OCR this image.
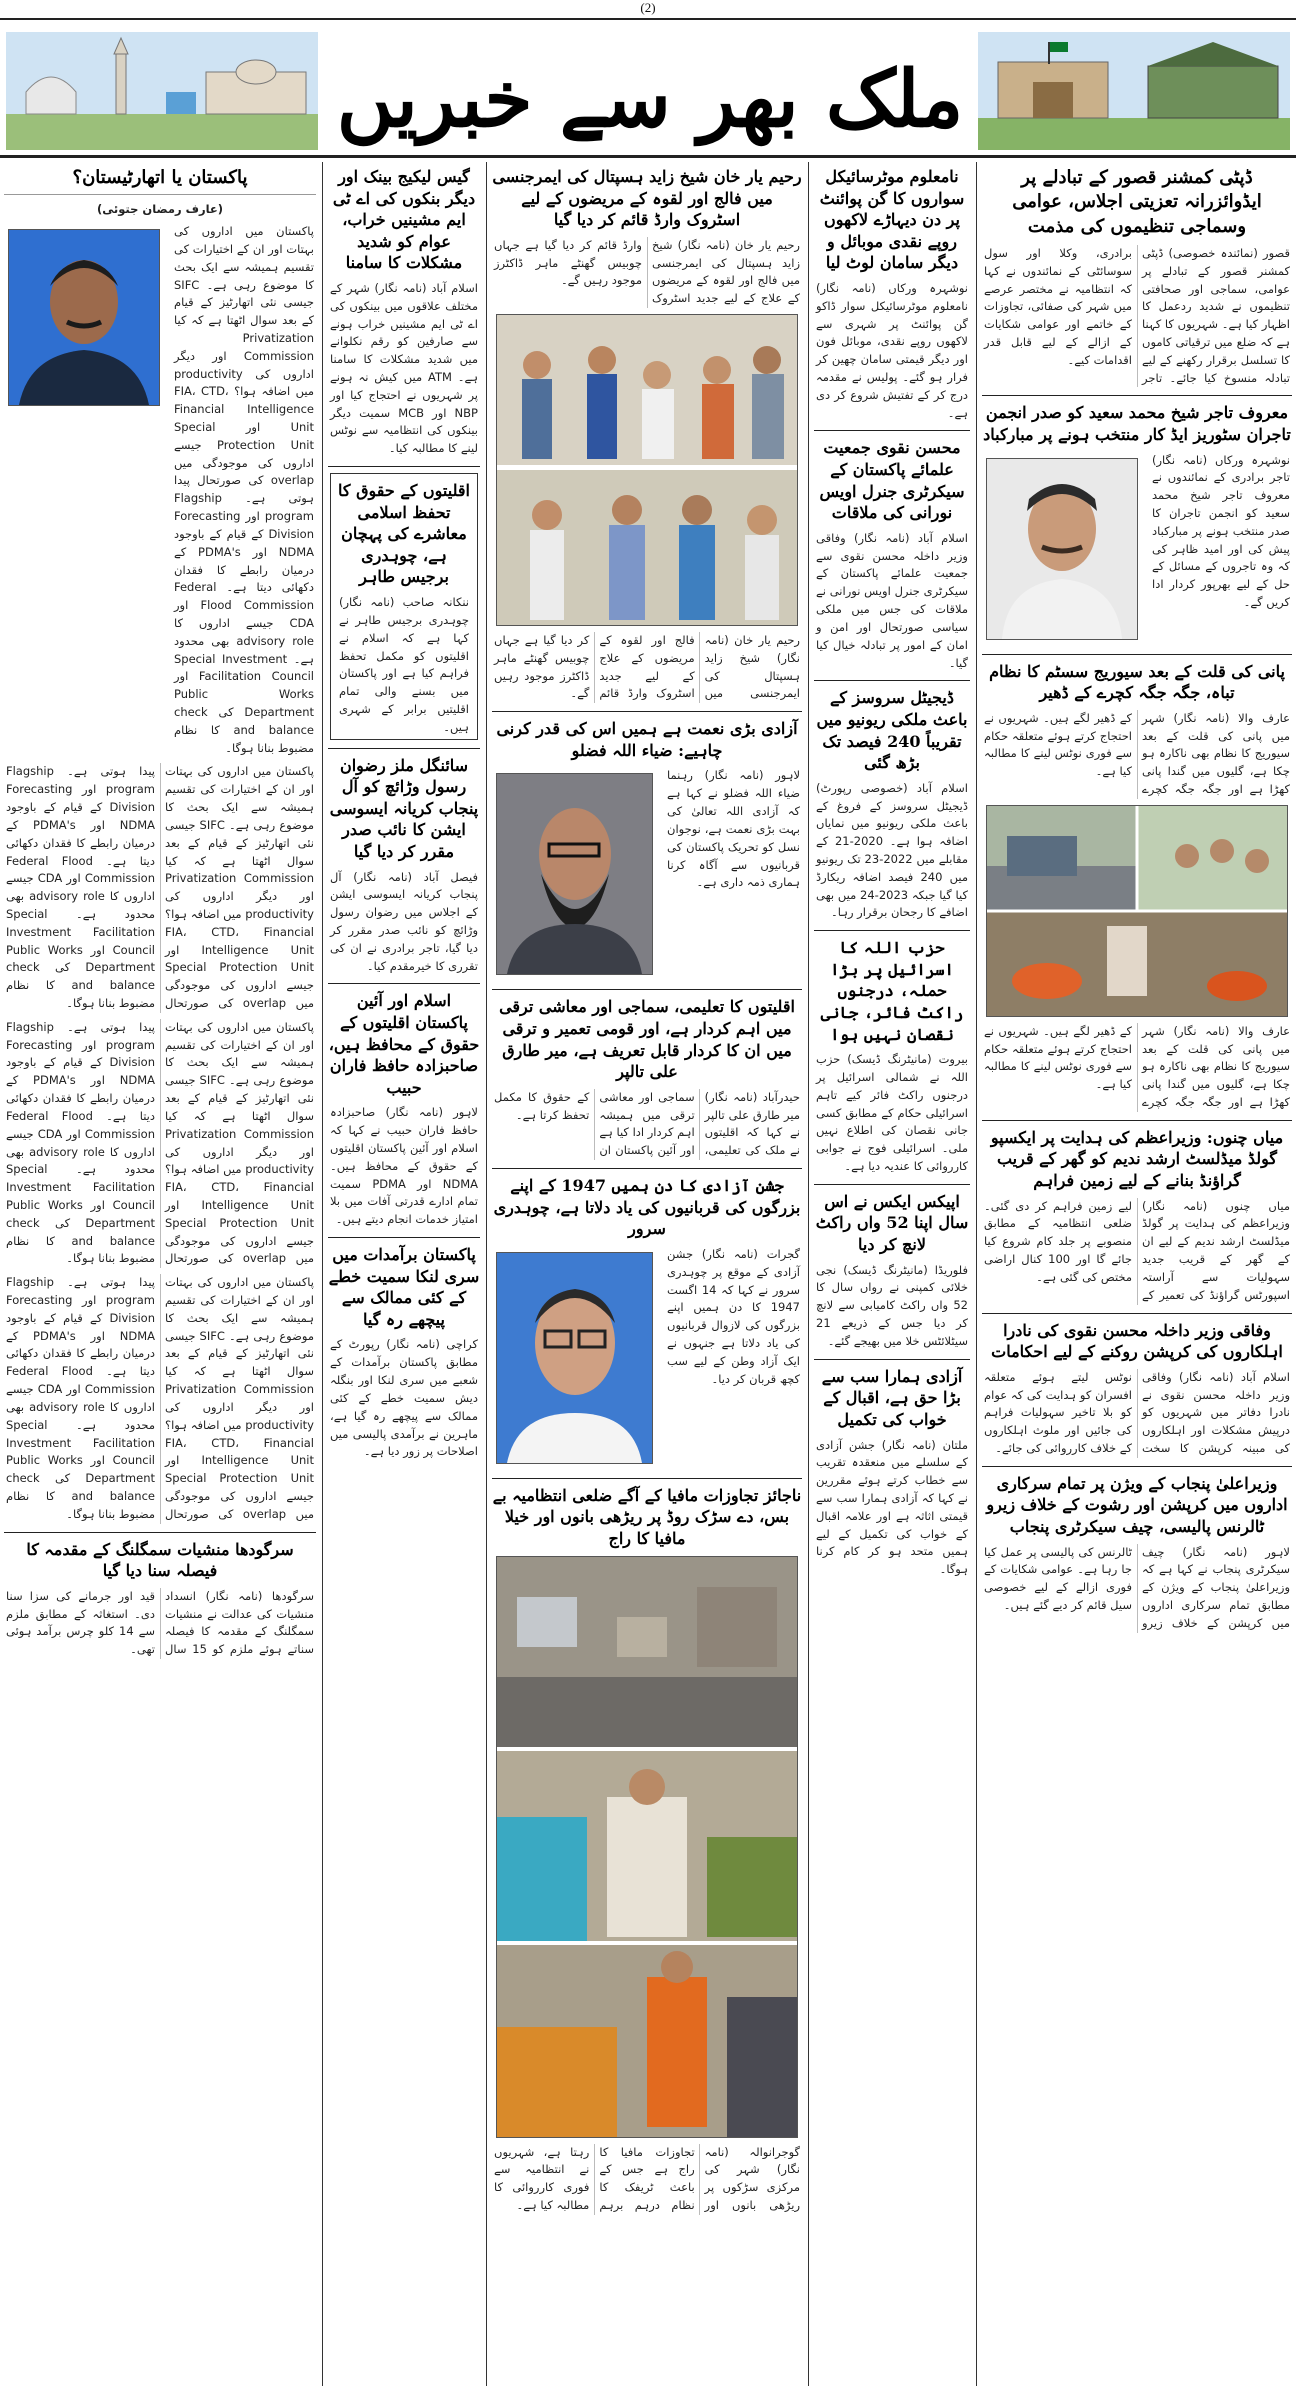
(2)
ملک بھر سے خبریں
ڈپٹی کمشنر قصور کے تبادلے پر ایڈوائزرانہ تعزیتی اجلاس، عوامی وسماجی تنظیموں کی مذمت
قصور (نمائندہ خصوصی) ڈپٹی کمشنر قصور کے تبادلے پر عوامی، سماجی اور صحافتی تنظیموں نے شدید ردعمل کا اظہار کیا ہے۔ شہریوں کا کہنا ہے کہ ضلع میں ترقیاتی کاموں کا تسلسل برقرار رکھنے کے لیے تبادلہ منسوخ کیا جائے۔ تاجر برادری، وکلا اور سول سوسائٹی کے نمائندوں نے کہا کہ انتظامیہ نے مختصر عرصے میں شہر کی صفائی، تجاوزات کے خاتمے اور عوامی شکایات کے ازالے کے لیے قابل قدر اقدامات کیے۔
معروف تاجر شیخ محمد سعید کو صدر انجمن تاجران سٹوریز ایڈ کار منتخب ہونے پر مبارکباد
نوشہرہ ورکاں (نامہ نگار) تاجر برادری کے نمائندوں نے معروف تاجر شیخ محمد سعید کو انجمن تاجران کا صدر منتخب ہونے پر مبارکباد پیش کی اور امید ظاہر کی کہ وہ تاجروں کے مسائل کے حل کے لیے بھرپور کردار ادا کریں گے۔
پانی کی قلت کے بعد سیوریج سسٹم کا نظام تباہ، جگہ جگہ کچرے کے ڈھیر
عارف والا (نامہ نگار) شہر میں پانی کی قلت کے بعد سیوریج کا نظام بھی ناکارہ ہو چکا ہے، گلیوں میں گندا پانی کھڑا ہے اور جگہ جگہ کچرے کے ڈھیر لگے ہیں۔ شہریوں نے احتجاج کرتے ہوئے متعلقہ حکام سے فوری نوٹس لینے کا مطالبہ کیا ہے۔
عارف والا (نامہ نگار) شہر میں پانی کی قلت کے بعد سیوریج کا نظام بھی ناکارہ ہو چکا ہے، گلیوں میں گندا پانی کھڑا ہے اور جگہ جگہ کچرے کے ڈھیر لگے ہیں۔ شہریوں نے احتجاج کرتے ہوئے متعلقہ حکام سے فوری نوٹس لینے کا مطالبہ کیا ہے۔
میاں چنوں: وزیراعظم کی ہدایت پر ایکسپو گولڈ میڈلسٹ ارشد ندیم کو گھر کے قریب گراؤنڈ بنانے کے لیے زمین فراہم
میاں چنوں (نامہ نگار) وزیراعظم کی ہدایت پر گولڈ میڈلسٹ ارشد ندیم کے لیے ان کے گھر کے قریب جدید سہولیات سے آراستہ اسپورٹس گراؤنڈ کی تعمیر کے لیے زمین فراہم کر دی گئی۔ ضلعی انتظامیہ کے مطابق منصوبے پر جلد کام شروع کیا جائے گا اور 100 کنال اراضی مختص کی گئی ہے۔
وفاقی وزیر داخلہ محسن نقوی کی نادرا اہلکاروں کی کرپشن روکنے کے لیے احکامات
اسلام آباد (نامہ نگار) وفاقی وزیر داخلہ محسن نقوی نے نادرا دفاتر میں شہریوں کو درپیش مشکلات اور اہلکاروں کی مبینہ کرپشن کا سخت نوٹس لیتے ہوئے متعلقہ افسران کو ہدایت کی کہ عوام کو بلا تاخیر سہولیات فراہم کی جائیں اور ملوث اہلکاروں کے خلاف کارروائی کی جائے۔
وزیراعلیٰ پنجاب کے ویژن پر تمام سرکاری اداروں میں کرپشن اور رشوت کے خلاف زیرو ٹالرنس پالیسی، چیف سیکرٹری پنجاب
لاہور (نامہ نگار) چیف سیکرٹری پنجاب نے کہا ہے کہ وزیراعلیٰ پنجاب کے ویژن کے مطابق تمام سرکاری اداروں میں کرپشن کے خلاف زیرو ٹالرنس کی پالیسی پر عمل کیا جا رہا ہے۔ عوامی شکایات کے فوری ازالے کے لیے خصوصی سیل قائم کر دیے گئے ہیں۔
نامعلوم موٹرسائیکل سواروں کا گن پوائنٹ پر دن دیہاڑے لاکھوں روپے نقدی موبائل و دیگر سامان لوٹ لیا
نوشہرہ ورکاں (نامہ نگار) نامعلوم موٹرسائیکل سوار ڈاکو گن پوائنٹ پر شہری سے لاکھوں روپے نقدی، موبائل فون اور دیگر قیمتی سامان چھین کر فرار ہو گئے۔ پولیس نے مقدمہ درج کر کے تفتیش شروع کر دی ہے۔
محسن نقوی جمعیت علمائے پاکستان کے سیکرٹری جنرل اویس نورانی کی ملاقات
اسلام آباد (نامہ نگار) وفاقی وزیر داخلہ محسن نقوی سے جمعیت علمائے پاکستان کے سیکرٹری جنرل اویس نورانی نے ملاقات کی جس میں ملکی سیاسی صورتحال اور امن و امان کے امور پر تبادلہ خیال کیا گیا۔
ڈیجیٹل سروسز کے باعث ملکی ریونیو میں تقریباً 240 فیصد تک بڑھ گئی
اسلام آباد (خصوصی رپورٹ) ڈیجیٹل سروسز کے فروغ کے باعث ملکی ریونیو میں نمایاں اضافہ ہوا ہے۔ 2020-21 کے مقابلے میں 2022-23 تک ریونیو میں 240 فیصد اضافہ ریکارڈ کیا گیا جبکہ 2023-24 میں بھی اضافے کا رجحان برقرار رہا۔
حزب اللہ کا اسرائیل پر بڑا حملہ، درجنوں راکٹ فائر، جانی نقصان نہیں ہوا
بیروت (مانیٹرنگ ڈیسک) حزب اللہ نے شمالی اسرائیل پر درجنوں راکٹ فائر کیے تاہم اسرائیلی حکام کے مطابق کسی جانی نقصان کی اطلاع نہیں ملی۔ اسرائیلی فوج نے جوابی کارروائی کا عندیہ دیا ہے۔
اپیکس ایکس نے اس سال اپنا 52 واں راکٹ لانچ کر دیا
فلوریڈا (مانیٹرنگ ڈیسک) نجی خلائی کمپنی نے رواں سال کا 52 واں راکٹ کامیابی سے لانچ کر دیا جس کے ذریعے 21 سیٹلائٹس خلا میں بھیجے گئے۔
آزادی ہمارا سب سے بڑا حق ہے، اقبال کے خواب کی تکمیل
ملتان (نامہ نگار) جشن آزادی کے سلسلے میں منعقدہ تقریب سے خطاب کرتے ہوئے مقررین نے کہا کہ آزادی ہمارا سب سے قیمتی اثاثہ ہے اور علامہ اقبال کے خواب کی تکمیل کے لیے ہمیں متحد ہو کر کام کرنا ہوگا۔
رحیم یار خان شیخ زاید ہسپتال کی ایمرجنسی میں فالج اور لقوہ کے مریضوں کے لیے اسٹروک وارڈ قائم کر دیا گیا
رحیم یار خان (نامہ نگار) شیخ زاید ہسپتال کی ایمرجنسی میں فالج اور لقوہ کے مریضوں کے علاج کے لیے جدید اسٹروک وارڈ قائم کر دیا گیا ہے جہاں چوبیس گھنٹے ماہر ڈاکٹرز موجود رہیں گے۔
رحیم یار خان (نامہ نگار) شیخ زاید ہسپتال کی ایمرجنسی میں فالج اور لقوہ کے مریضوں کے علاج کے لیے جدید اسٹروک وارڈ قائم کر دیا گیا ہے جہاں چوبیس گھنٹے ماہر ڈاکٹرز موجود رہیں گے۔
آزادی بڑی نعمت ہے ہمیں اس کی قدر کرنی چاہیے: ضیاء اللہ فضلو
لاہور (نامہ نگار) رہنما ضیاء اللہ فضلو نے کہا ہے کہ آزادی اللہ تعالیٰ کی بہت بڑی نعمت ہے، نوجوان نسل کو تحریک پاکستان کی قربانیوں سے آگاہ کرنا ہماری ذمہ داری ہے۔
اقلیتوں کا تعلیمی، سماجی اور معاشی ترقی میں اہم کردار ہے، اور قومی تعمیر و ترقی میں ان کا کردار قابل تعریف ہے، میر طارق علی تالپر
حیدرآباد (نامہ نگار) میر طارق علی تالپر نے کہا کہ اقلیتوں نے ملک کی تعلیمی، سماجی اور معاشی ترقی میں ہمیشہ اہم کردار ادا کیا ہے اور آئین پاکستان ان کے حقوق کا مکمل تحفظ کرتا ہے۔
جشن آزادی کا دن ہمیں 1947 کے اپنے بزرگوں کی قربانیوں کی یاد دلاتا ہے، چوہدری سرور
گجرات (نامہ نگار) جشن آزادی کے موقع پر چوہدری سرور نے کہا کہ 14 اگست 1947 کا دن ہمیں اپنے بزرگوں کی لازوال قربانیوں کی یاد دلاتا ہے جنہوں نے ایک آزاد وطن کے لیے سب کچھ قربان کر دیا۔
ناجائز تجاوزات مافیا کے آگے ضلعی انتظامیہ بے بس، دے سڑک روڈ پر ریڑھی بانوں اور خیلا مافیا کا راج
گوجرانوالہ (نامہ نگار) شہر کی مرکزی سڑکوں پر ریڑھی بانوں اور تجاوزات مافیا کا راج ہے جس کے باعث ٹریفک کا نظام درہم برہم رہتا ہے، شہریوں نے انتظامیہ سے فوری کارروائی کا مطالبہ کیا ہے۔
گیس لیکیج بینک اور دیگر بنکوں کی اے ٹی ایم مشینیں خراب، عوام کو شدید مشکلات کا سامنا
اسلام آباد (نامہ نگار) شہر کے مختلف علاقوں میں بینکوں کی اے ٹی ایم مشینیں خراب ہونے سے صارفین کو رقم نکلوانے میں شدید مشکلات کا سامنا ہے۔ ATM میں کیش نہ ہونے پر شہریوں نے احتجاج کیا اور NBP اور MCB سمیت دیگر بینکوں کی انتظامیہ سے نوٹس لینے کا مطالبہ کیا۔
اقلیتوں کے حقوق کا تحفظ اسلامی معاشرے کی پہچان ہے، چوہدری برجیس طاہر
ننکانہ صاحب (نامہ نگار) چوہدری برجیس طاہر نے کہا ہے کہ اسلام نے اقلیتوں کو مکمل تحفظ فراہم کیا ہے اور پاکستان میں بسنے والی تمام اقلیتیں برابر کے شہری ہیں۔
سائنگل ملز رضوان رسول وڑائچ کو آل پنجاب کریانہ ایسوسی ایشن کا نائب صدر مقرر کر دیا گیا
فیصل آباد (نامہ نگار) آل پنجاب کریانہ ایسوسی ایشن کے اجلاس میں رضوان رسول وڑائچ کو نائب صدر مقرر کر دیا گیا، تاجر برادری نے ان کی تقرری کا خیرمقدم کیا۔
اسلام اور آئین پاکستان اقلیتوں کے حقوق کے محافظ ہیں، صاحبزادہ حافظ فاران حبیب
لاہور (نامہ نگار) صاحبزادہ حافظ فاران حبیب نے کہا کہ اسلام اور آئین پاکستان اقلیتوں کے حقوق کے محافظ ہیں۔ NDMA اور PDMA سمیت تمام ادارے قدرتی آفات میں بلا امتیاز خدمات انجام دیتے ہیں۔
پاکستان برآمدات میں سری لنکا سمیت خطے کے کئی ممالک سے پیچھے رہ گیا
کراچی (نامہ نگار) رپورٹ کے مطابق پاکستان برآمدات کے شعبے میں سری لنکا اور بنگلہ دیش سمیت خطے کے کئی ممالک سے پیچھے رہ گیا ہے، ماہرین نے برآمدی پالیسی میں اصلاحات پر زور دیا ہے۔
پاکستان یا اتھارٹیستان؟
(عارف رمضان جتوئی)
پاکستان میں اداروں کی بہتات اور ان کے اختیارات کی تقسیم ہمیشہ سے ایک بحث کا موضوع رہی ہے۔ SIFC جیسی نئی اتھارٹیز کے قیام کے بعد سوال اٹھتا ہے کہ کیا Privatization Commission اور دیگر اداروں کی productivity میں اضافہ ہوا؟ FIA، CTD، Financial Intelligence Unit اور Special Protection Unit جیسے اداروں کی موجودگی میں overlap کی صورتحال پیدا ہوتی ہے۔ Flagship program اور Forecasting Division کے قیام کے باوجود NDMA اور PDMA's کے درمیان رابطے کا فقدان دکھائی دیتا ہے۔ Federal Flood Commission اور CDA جیسے اداروں کا advisory role بھی محدود ہے۔ Special Investment Facilitation Council اور Public Works Department کی check and balance کا نظام مضبوط بنانا ہوگا۔
پاکستان میں اداروں کی بہتات اور ان کے اختیارات کی تقسیم ہمیشہ سے ایک بحث کا موضوع رہی ہے۔ SIFC جیسی نئی اتھارٹیز کے قیام کے بعد سوال اٹھتا ہے کہ کیا Privatization Commission اور دیگر اداروں کی productivity میں اضافہ ہوا؟ FIA، CTD، Financial Intelligence Unit اور Special Protection Unit جیسے اداروں کی موجودگی میں overlap کی صورتحال پیدا ہوتی ہے۔ Flagship program اور Forecasting Division کے قیام کے باوجود NDMA اور PDMA's کے درمیان رابطے کا فقدان دکھائی دیتا ہے۔ Federal Flood Commission اور CDA جیسے اداروں کا advisory role بھی محدود ہے۔ Special Investment Facilitation Council اور Public Works Department کی check and balance کا نظام مضبوط بنانا ہوگا۔
پاکستان میں اداروں کی بہتات اور ان کے اختیارات کی تقسیم ہمیشہ سے ایک بحث کا موضوع رہی ہے۔ SIFC جیسی نئی اتھارٹیز کے قیام کے بعد سوال اٹھتا ہے کہ کیا Privatization Commission اور دیگر اداروں کی productivity میں اضافہ ہوا؟ FIA، CTD، Financial Intelligence Unit اور Special Protection Unit جیسے اداروں کی موجودگی میں overlap کی صورتحال پیدا ہوتی ہے۔ Flagship program اور Forecasting Division کے قیام کے باوجود NDMA اور PDMA's کے درمیان رابطے کا فقدان دکھائی دیتا ہے۔ Federal Flood Commission اور CDA جیسے اداروں کا advisory role بھی محدود ہے۔ Special Investment Facilitation Council اور Public Works Department کی check and balance کا نظام مضبوط بنانا ہوگا۔
پاکستان میں اداروں کی بہتات اور ان کے اختیارات کی تقسیم ہمیشہ سے ایک بحث کا موضوع رہی ہے۔ SIFC جیسی نئی اتھارٹیز کے قیام کے بعد سوال اٹھتا ہے کہ کیا Privatization Commission اور دیگر اداروں کی productivity میں اضافہ ہوا؟ FIA، CTD، Financial Intelligence Unit اور Special Protection Unit جیسے اداروں کی موجودگی میں overlap کی صورتحال پیدا ہوتی ہے۔ Flagship program اور Forecasting Division کے قیام کے باوجود NDMA اور PDMA's کے درمیان رابطے کا فقدان دکھائی دیتا ہے۔ Federal Flood Commission اور CDA جیسے اداروں کا advisory role بھی محدود ہے۔ Special Investment Facilitation Council اور Public Works Department کی check and balance کا نظام مضبوط بنانا ہوگا۔
سرگودھا منشیات سمگلنگ کے مقدمہ کا فیصلہ سنا دیا گیا
سرگودھا (نامہ نگار) انسداد منشیات کی عدالت نے منشیات سمگلنگ کے مقدمہ کا فیصلہ سناتے ہوئے ملزم کو 15 سال قید اور جرمانے کی سزا سنا دی۔ استغاثہ کے مطابق ملزم سے 14 کلو چرس برآمد ہوئی تھی۔
